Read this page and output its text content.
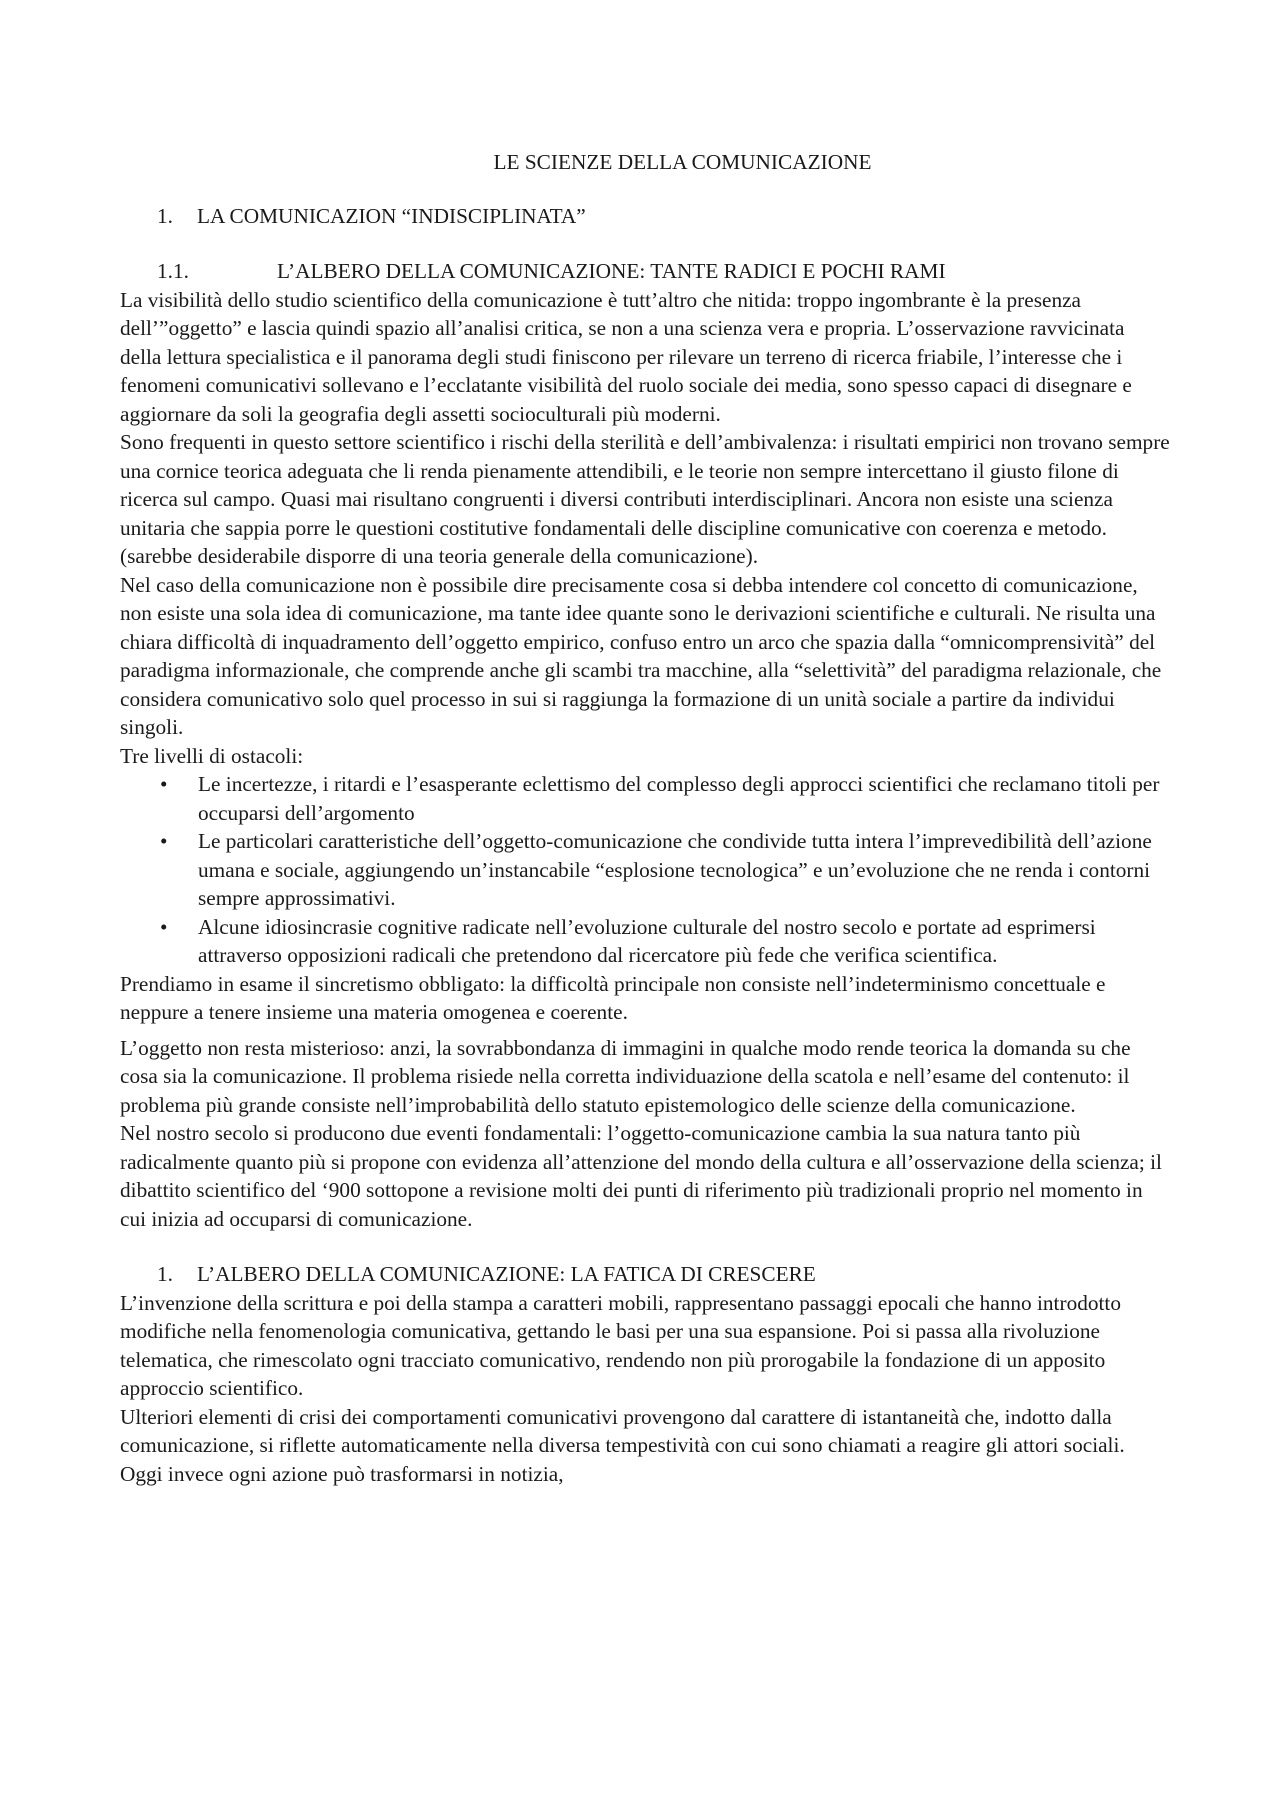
LE SCIENZE DELLA COMUNICAZIONE
1.	LA COMUNICAZION “INDISCIPLINATA”
1.1.	L’ALBERO DELLA COMUNICAZIONE: TANTE RADICI E POCHI RAMI

La visibilità dello studio scientifico della comunicazione è tutt’altro che nitida: troppo ingombrante è la presenza dell’”oggetto” e lascia quindi spazio all’analisi critica, se non a una scienza vera e propria. L’osservazione ravvicinata della lettura specialistica e il panorama degli studi finiscono per rilevare un terreno di ricerca friabile, l’interesse che i fenomeni comunicativi sollevano e l’ecclatante visibilità del ruolo sociale dei media, sono spesso capaci di disegnare e aggiornare da soli la geografia degli assetti socioculturali più moderni.

Sono frequenti in questo settore scientifico i rischi della sterilità e dell’ambivalenza: i risultati empirici non trovano sempre una cornice teorica adeguata che li renda pienamente attendibili, e le teorie non sempre intercettano il giusto filone di ricerca sul campo. Quasi mai risultano congruenti i diversi contributi interdisciplinari. Ancora non esiste una scienza unitaria che sappia porre le questioni costitutive fondamentali delle discipline comunicative con coerenza e metodo. (sarebbe desiderabile disporre di una teoria generale della comunicazione).

Nel caso della comunicazione non è possibile dire precisamente cosa si debba intendere col concetto di comunicazione, non esiste una sola idea di comunicazione, ma tante idee quante sono le derivazioni scientifiche e culturali. Ne risulta una chiara difficoltà di inquadramento dell’oggetto empirico, confuso entro un arco che spazia dalla “omnicomprensività” del paradigma informazionale, che comprende anche gli scambi tra macchine, alla “selettività” del paradigma relazionale, che considera comunicativo solo quel processo in sui si raggiunga la formazione di un unità sociale a partire da individui singoli.

Tre livelli di ostacoli:

• Le incertezze, i ritardi e l’esasperante eclettismo del complesso degli approcci scientifici che reclamano titoli per occuparsi dell’argomento
• Le particolari caratteristiche dell’oggetto-comunicazione che condivide tutta intera l’imprevedibilità dell’azione umana e sociale, aggiungendo un’instancabile “esplosione tecnologica” e un’evoluzione che ne renda i contorni sempre approssimativi.
• Alcune idiosincrasie cognitive radicate nell’evoluzione culturale del nostro secolo e portate ad esprimersi attraverso opposizioni radicali che pretendono dal ricercatore più fede che verifica scientifica.

Prendiamo in esame il sincretismo obbligato: la difficoltà principale non consiste nell’indeterminismo concettuale e neppure a tenere insieme una materia omogenea e coerente.

L’oggetto non resta misterioso: anzi, la sovrabbondanza di immagini in qualche modo rende teorica la domanda su che cosa sia la comunicazione. Il problema risiede nella corretta individuazione della scatola e nell’esame del contenuto: il problema più grande consiste nell’improbabilità dello statuto epistemologico delle scienze della comunicazione.

Nel nostro secolo si producono due eventi fondamentali: l’oggetto-comunicazione cambia la sua natura tanto più radicalmente quanto più si propone con evidenza all’attenzione del mondo della cultura e all’osservazione della scienza; il dibattito scientifico del ‘900 sottopone a revisione molti dei punti di riferimento più tradizionali proprio nel momento in cui inizia ad occuparsi di comunicazione.

1.	L’ALBERO DELLA COMUNICAZIONE: LA FATICA DI CRESCERE

L’invenzione della scrittura e poi della stampa a caratteri mobili, rappresentano passaggi epocali che hanno introdotto modifiche nella fenomenologia comunicativa, gettando le basi per una sua espansione. Poi si passa alla rivoluzione telematica, che rimescolato ogni tracciato comunicativo, rendendo non più prorogabile la fondazione di un apposito approccio scientifico.

Ulteriori elementi di crisi dei comportamenti comunicativi provengono dal carattere di istantaneità che, indotto dalla comunicazione, si riflette automaticamente nella diversa tempestività con cui sono chiamati a reagire gli attori sociali. Oggi invece ogni azione può trasformarsi in notizia,
